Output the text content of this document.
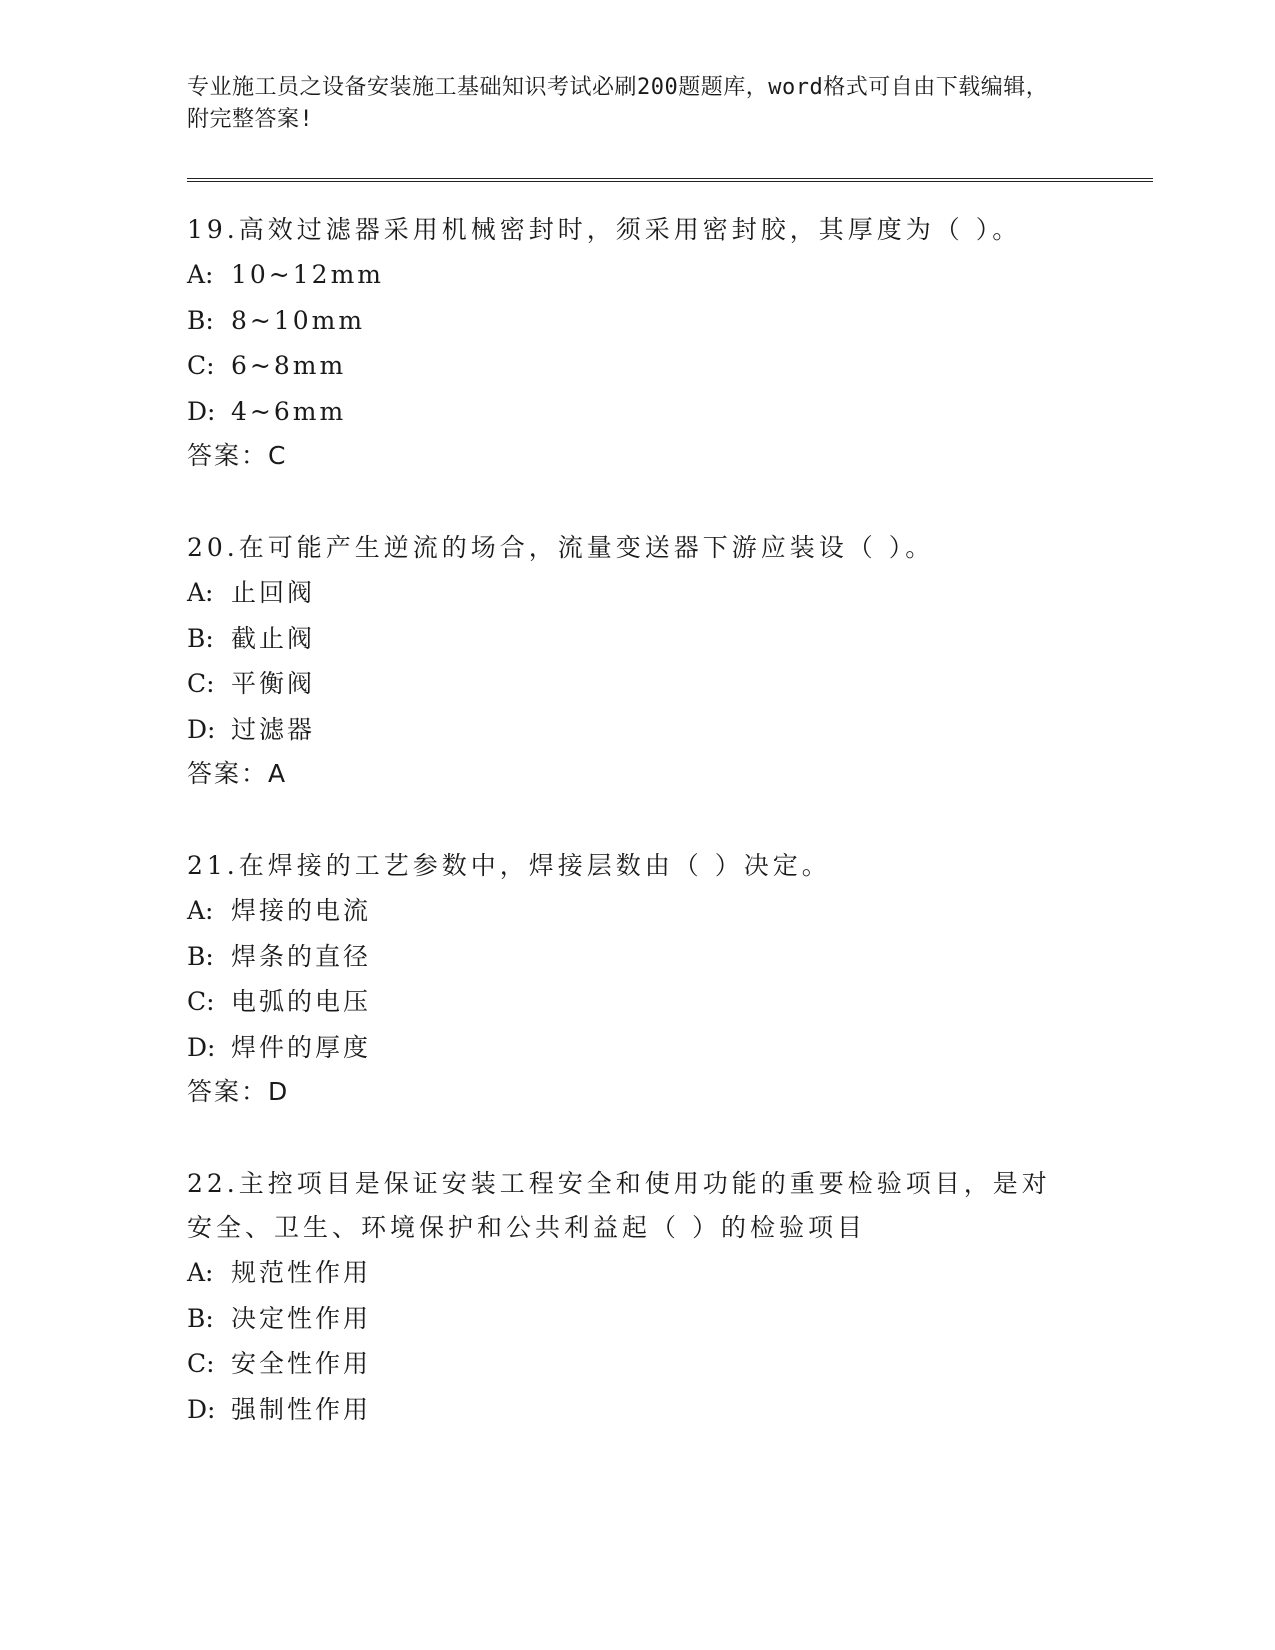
专业施工员之设备安装施工基础知识考试必刷200题题库，word格式可自由下载编辑，附完整答案!

19.高效过滤器采用机械密封时，须采用密封胶，其厚度为（ ）。

A: 10~12mm

B: 8~10mm

C: 6~8mm

D: 4~6mm

答案：C

20.在可能产生逆流的场合，流量变送器下游应装设（ ）。

A: 止回阀

B: 截止阀

C: 平衡阀

D: 过滤器

答案：A

21.在焊接的工艺参数中，焊接层数由（ ）决定。

A: 焊接的电流

B: 焊条的直径

C: 电弧的电压

D: 焊件的厚度

答案：D

22.主控项目是保证安装工程安全和使用功能的重要检验项目，是对安全、卫生、环境保护和公共利益起（ ）的检验项目

A: 规范性作用

B: 决定性作用

C: 安全性作用

D: 强制性作用
